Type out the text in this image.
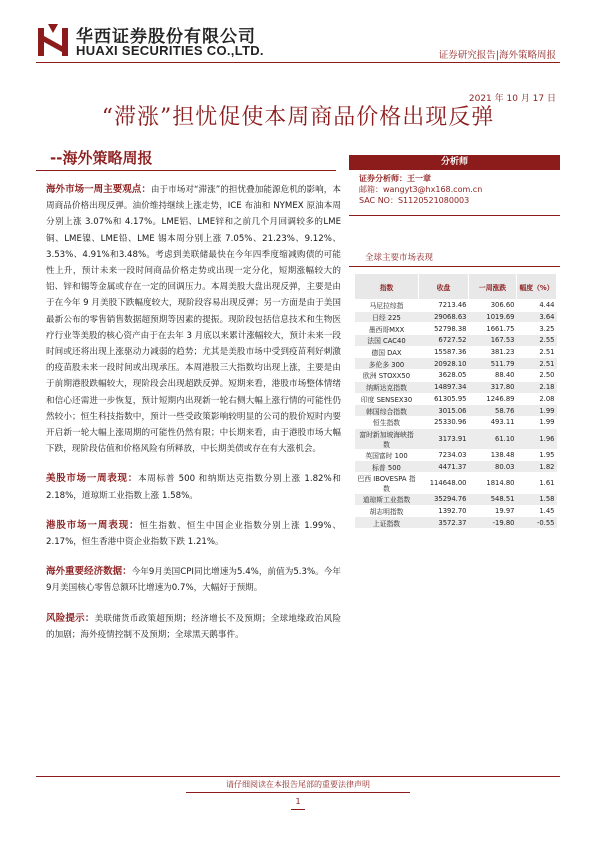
华西证券股份有限公司
HUAXI SECURITIES CO.,LTD.	证券研究报告|海外策略周报
2021 年 10 月 17 日
“滞涨”担忧促使本周商品价格出现反弹
--海外策略周报

海外市场一周主要观点：由于市场对“滞涨”的担忧叠加能源危机的影响，本周商品价格出现反弹。油价维持继续上涨走势，ICE 布油和 NYMEX 原油本周分别上涨 3.07%和 4.17%。LME铝、LME锌和之前几个月回调较多的LME铜、LME镍、LME铅、LME 锡本周分别上涨 7.05%、21.23%、9.12%、3.53%、4.91%和3.48%。考虑到美联储最快在今年四季度缩减购债的可能性上升，预计未来一段时间商品价格走势或出现一定分化，短期涨幅较大的铝、锌和锡等金属或存在一定的回调压力。本周美股大盘出现反弹，主要是由于在今年 9 月美股下跌幅度较大，现阶段容易出现反弹；另一方面是由于美国最新公布的零售销售数据超预期等因素的提振。现阶段包括信息技术和生物医疗行业等美股的核心资产由于在去年 3 月底以来累计涨幅较大，预计未来一段时间或还将出现上涨驱动力减弱的趋势；尤其是美股市场中受到疫苗利好刺激的疫苗股未来一段时间或出现承压。本周港股三大指数均出现上涨，主要是由于前期港股跌幅较大，现阶段会出现超跌反弹。短期来看，港股市场整体情绪和信心还需进一步恢复，预计短期内出现新一轮右侧大幅上涨行情的可能性仍然较小；恒生科技指数中，预计一些受政策影响较明显的公司的股价短时内要开启新一轮大幅上涨周期的可能性仍然有限；中长期来看，由于港股市场大幅下跌，现阶段估值和价格风险有所释放，中长期美债或存在有大涨机会。

美股市场一周表现：本周标普 500 和纳斯达克指数分别上涨 1.82%和 2.18%，道琼斯工业指数上涨 1.58%。

港股市场一周表现：恒生指数、恒生中国企业指数分别上涨 1.99%、2.17%，恒生香港中资企业指数下跌 1.21%。

海外重要经济数据：今年9月美国CPI同比增速为5.4%，前值为5.3%。今年9月美国核心零售总额环比增速为0.7%，大幅好于预期。

风险提示：美联储货币政策超预期；经济增长不及预期；全球地缘政治风险的加剧；海外疫情控制不及预期；全球黑天鹅事件。

分析师
证券分析师：王一章
邮箱：wangyt3@hx168.com.cn
SAC NO：S1120521080003
全球主要市场表现
指数	收盘	一周涨跌	幅度（%）
马尼拉综指	7213.46	306.60	4.44
日经 225	29068.63	1019.69	3.64
墨西哥MXX	52798.38	1661.75	3.25
法国 CAC40	6727.52	167.53	2.55
德国 DAX	15587.36	381.23	2.51
多伦多 300	20928.10	511.79	2.51
欧洲 STOXX50	3628.05	88.40	2.50
纳斯达克指数	14897.34	317.80	2.18
印度 SENSEX30	61305.95	1246.89	2.08
韩国综合指数	3015.06	58.76	1.99
恒生指数	25330.96	493.11	1.99
富时新加坡海峡指数	3173.91	61.10	1.96
英国富时 100	7234.03	138.48	1.95
标普 500	4471.37	80.03	1.82
巴西 IBOVESPA 指数	114648.00	1814.80	1.61
道琼斯工业指数	35294.76	548.51	1.58
胡志明指数	1392.70	19.97	1.45
上证指数	3572.37	-19.80	-0.55
请仔细阅读在本报告尾部的重要法律声明
1
